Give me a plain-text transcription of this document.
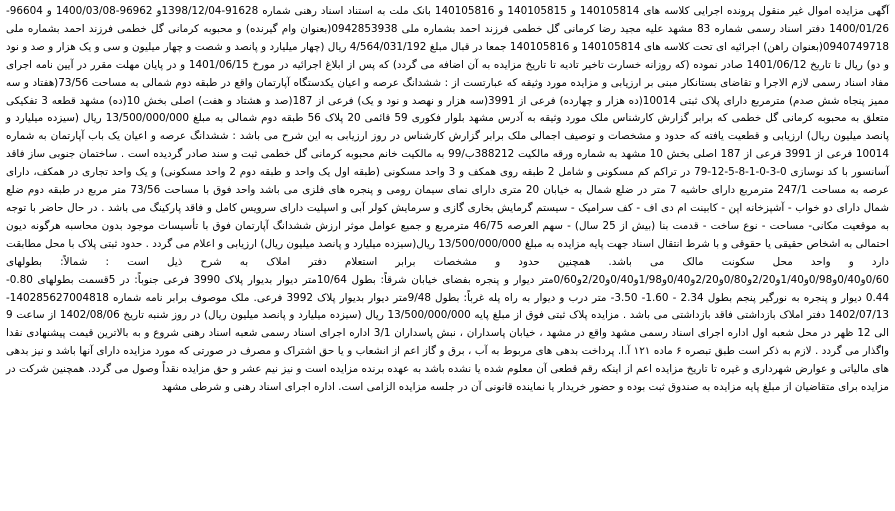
آگهی مزایده اموال غیر منقول پرونده اجرایی کلاسه های 140105814 و 140105815 و 140105816 بانک ملت به استناد اسناد رهنی شماره 91628-1398/12/04و 96962-1400/03/08 و 96604-1400/01/26 دفتر اسناد رسمی شماره 83 مشهد علیه مجید رضا کرمانی گل خطمی فرزند احمد بشماره ملی 0942853938(بعنوان وام گیرنده) و محبوبه کرمانی گل خطمی فرزند احمد بشماره ملی 0940749718(بعنوان راهن) اجرائیه ای تحت کلاسه های 140105814 و 140105816 جمعا در قبال مبلغ 4/564/031/192 ریال (چهار میلیارد و پانصد و شصت و چهار میلیون و سی و یک هزار و صد و نود و دو) ریال تا تاریخ 1401/06/12 صادر نموده (که روزانه خسارت تاخیر تادیه تا تاریخ مزایده به آن اضافه می گردد) که پس از ابلاغ اجرائیه در مورخ 1401/06/15 و در پایان مهلت مقرر در آیین نامه اجرای مفاد اسناد رسمی لازم الاجرا و تقاضای بستانکار مبنی بر ارزیابی و مزایده مورد وثیقه که عبارتست از : ششدانگ عرصه و اعیان یکدستگاه آپارتمان واقع در طبقه دوم شمالی به مساحت 73/56(هفتاد و سه ممیز پنجاه شش صدم) مترمربع دارای پلاک ثبتی 10014(ده هزار و چهارده) فرعی از 3991(سه هزار و نهصد و نود و یک) فرعی از 187(صد و هشتاد و هفت) اصلی بخش 10(ده) مشهد قطعه 3 تفکیکی متعلق به محبوبه کرمانی گل خطمی که برابر گزارش کارشناس ملک مورد وثیقه به آدرس مشهد بلوار فکوری 59 قائمی 20 پلاک 56 طبقه دوم شمالی به مبلغ 13/500/000/000 ریال (سیزده میلیارد و پانصد میلیون ریال) ارزیابی و قطعیت یافته که حدود و مشخصات و توصیف اجمالی ملک برابر گزارش کارشناس در روز ارزیابی به این شرح می باشد : ششدانگ عرصه و اعیان یک باب آپارتمان به شماره 10014 فرعی از 3991 فرعی از 187 اصلی بخش 10 مشهد به شماره ورقه مالکیت 388212ب/99 به مالکیت خانم محبوبه کرمانی گل خطمی ثبت و سند صادر گردیده است . ساختمان جنوبی ساز فاقد آسانسور با کد نوسازی 0-3-0-1-8-5-12-79 در تراکم کم مسکونی و شامل 2 طبقه روی همکف و 3 واحد مسکونی (طبقه اول یک واحد و طبقه دوم 2 واحد مسکونی) و یک واحد تجاری در همکف، دارای عرصه به مساحت 247/1 مترمربع دارای حاشیه 7 متر در ضلع شمال به خیابان 20 متری دارای نمای سیمان رومی و پنجره های فلزی می باشد واحد فوق با مساحت 73/56 متر مربع در طبقه دوم ضلع شمال دارای دو خواب - آشپزخانه اپن - کابینت ام دی اف - کف سرامیک - سیستم گرمایش بخاری گازی و سرمایش کولر آبی و اسپلیت دارای سرویس کامل و فاقد پارکینگ می باشد . در حال حاضر با توجه به موقعیت مکانی- مساحت - نوع ساخت - قدمت بنا (بیش از 25 سال) - سهم العرصه 46/75 مترمربع و جمیع عوامل موثر ارزش ششدانگ آپارتمان فوق با تأسیسات موجود بدون محاسبه هرگونه دیون احتمالی به اشخاص حقیقی یا حقوقی و با شرط انتقال اسناد جهت پایه مزایده به مبلغ 13/500/000/000 ریال(سیزده میلیارد و پانصد میلیون ریال) ارزیابی و اعلام می گردد . حدود ثبتی پلاک با محل مطابقت دارد و واحد محل سکونت مالک می باشد. همچنین حدود و مشخصات برابر استعلام دفتر املاک به شرح ذیل است : شمالاً: بطولهای 0/60و0/40و0/98و1/40و2/20و0/80و2/20و0/40و1/98و0/40و2/20و0/60متر دیوار و پنجره بفضای خیابان شرقاً: بطول 10/64متر دیوار بدیوار پلاک 3990 فرعی جنوباً: در 5قسمت بطولهای 0.80- 0.44 دیوار و پنجره به نورگیر پنجم بطول 2.34 - 1.60- 3.50- متر درب و دیوار به راه پله غرباً: بطول 9/48متر دیوار بدیوار پلاک 3992 فرعی. ملک موصوف برابر نامه شماره 140285627004818-1402/07/13 دفتر املاک بازداشتی فاقد بازداشتی می باشد . مزایده پلاک ثبتی فوق از مبلغ پایه 13/500/000/000 ریال (سیزده میلیارد و پانصد میلیون ریال) در روز شنبه تاریخ 1402/08/06 از ساعت 9 الی 12 ظهر در محل شعبه اول اداره اجرای اسناد رسمی مشهد واقع در مشهد ، خیابان پاسداران ، نبش پاسداران 3/1 اداره اجرای اسناد رسمی شعبه اسناد رهنی شروع و به بالاترین قیمت پیشنهادی نقدا واگذار می گردد . لازم به ذکر است طبق تبصره ۶ ماده ۱۲۱ آ.ا. پرداخت بدهی های مربوط به آب ، برق و گاز اعم از انشعاب و یا حق اشتراک و مصرف در صورتی که مورد مزایده دارای آنها باشد و نیز بدهی های مالیاتی و عوارض شهرداری و غیره تا تاریخ مزایده اعم از اینکه رقم قطعی آن معلوم شده یا نشده باشد به عهده برنده مزایده است و نیز نیم عشر و حق مزایده نقداً وصول می گردد. همچنین شرکت در مزایده برای متقاضیان از مبلغ پایه مزایده به صندوق ثبت بوده و حضور خریدار یا نماینده قانونی آن در جلسه مزایده الزامی است. اداره اجرای اسناد رهنی و شرطی مشهد
